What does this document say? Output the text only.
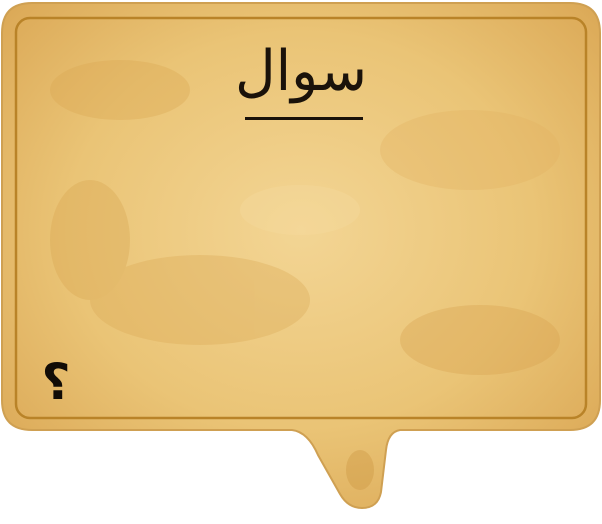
سوال
؟
